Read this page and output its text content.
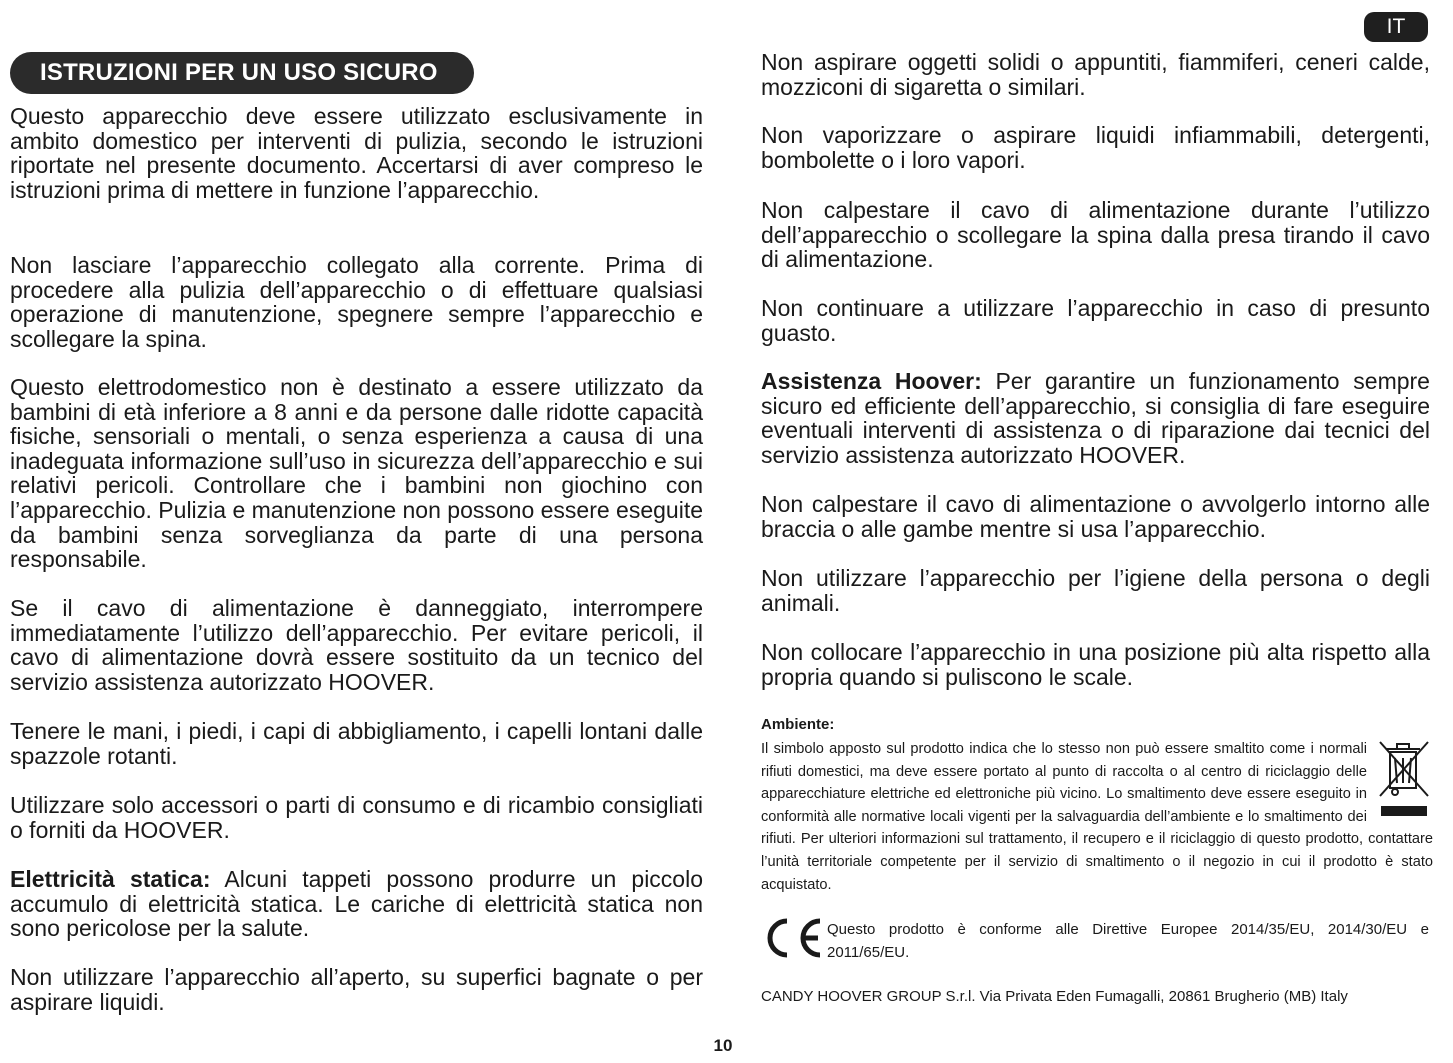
ISTRUZIONI PER UN USO SICURO
IT

Questo apparecchio deve essere utilizzato esclusivamente in ambito domestico per interventi di pulizia, secondo le istruzioni riportate nel presente documento. Accertarsi di aver compreso le istruzioni prima di mettere in funzione l’apparecchio.

Non lasciare l’apparecchio collegato alla corrente. Prima di procedere alla pulizia dell’apparecchio o di effettuare qualsiasi operazione di manutenzione, spegnere sempre l’apparecchio e scollegare la spina.

Questo elettrodomestico non è destinato a essere utilizzato da bambini di età inferiore a 8 anni e da persone dalle ridotte capacità fisiche, sensoriali o mentali, o senza esperienza a causa di una inadeguata informazione sull’uso in sicurezza dell’apparecchio e sui relativi pericoli. Controllare che i bambini non giochino con l’apparecchio. Pulizia e manutenzione non possono essere eseguite da bambini senza sorveglianza da parte di una persona responsabile.

Se il cavo di alimentazione è danneggiato, interrompere immediatamente l’utilizzo dell’apparecchio. Per evitare pericoli, il cavo di alimentazione dovrà essere sostituito da un tecnico del servizio assistenza autorizzato HOOVER.

Tenere le mani, i piedi, i capi di abbigliamento, i capelli lontani dalle spazzole rotanti.

Utilizzare solo accessori o parti di consumo e di ricambio consigliati o forniti da HOOVER.

Elettricità statica: Alcuni tappeti possono produrre un piccolo accumulo di elettricità statica. Le cariche di elettricità statica non sono pericolose per la salute.

Non utilizzare l’apparecchio all’aperto, su superfici bagnate o per aspirare liquidi.

Non aspirare oggetti solidi o appuntiti, fiammiferi, ceneri calde, mozziconi di sigaretta o similari.

Non vaporizzare o aspirare liquidi infiammabili, detergenti, bombolette o i loro vapori.

Non calpestare il cavo di alimentazione durante l’utilizzo dell’apparecchio o scollegare la spina dalla presa tirando il cavo di alimentazione.

Non continuare a utilizzare l’apparecchio in caso di presunto guasto.

Assistenza Hoover: Per garantire un funzionamento sempre sicuro ed efficiente dell’apparecchio, si consiglia di fare eseguire eventuali interventi di assistenza o di riparazione dai tecnici del servizio assistenza autorizzato HOOVER.

Non calpestare il cavo di alimentazione o avvolgerlo intorno alle braccia o alle gambe mentre si usa l’apparecchio.

Non utilizzare l’apparecchio per l’igiene della persona o degli animali.

Non collocare l’apparecchio in una posizione più alta rispetto alla propria quando si puliscono le scale.

Ambiente:
Il simbolo apposto sul prodotto indica che lo stesso non può essere smaltito come i normali rifiuti domestici, ma deve essere portato al punto di raccolta o al centro di riciclaggio delle apparecchiature elettriche ed elettroniche più vicino. Lo smaltimento deve essere eseguito in conformità alle normative locali vigenti per la salvaguardia dell’ambiente e lo smaltimento dei rifiuti. Per ulteriori informazioni sul trattamento, il recupero e il riciclaggio di questo prodotto, contattare l’unità territoriale competente per il servizio di smaltimento o il negozio in cui il prodotto è stato acquistato.
Questo prodotto è conforme alle Direttive Europee 2014/35/EU, 2014/30/EU e 2011/65/EU.
CANDY HOOVER GROUP S.r.l. Via Privata Eden Fumagalli, 20861 Brugherio (MB) Italy
10
